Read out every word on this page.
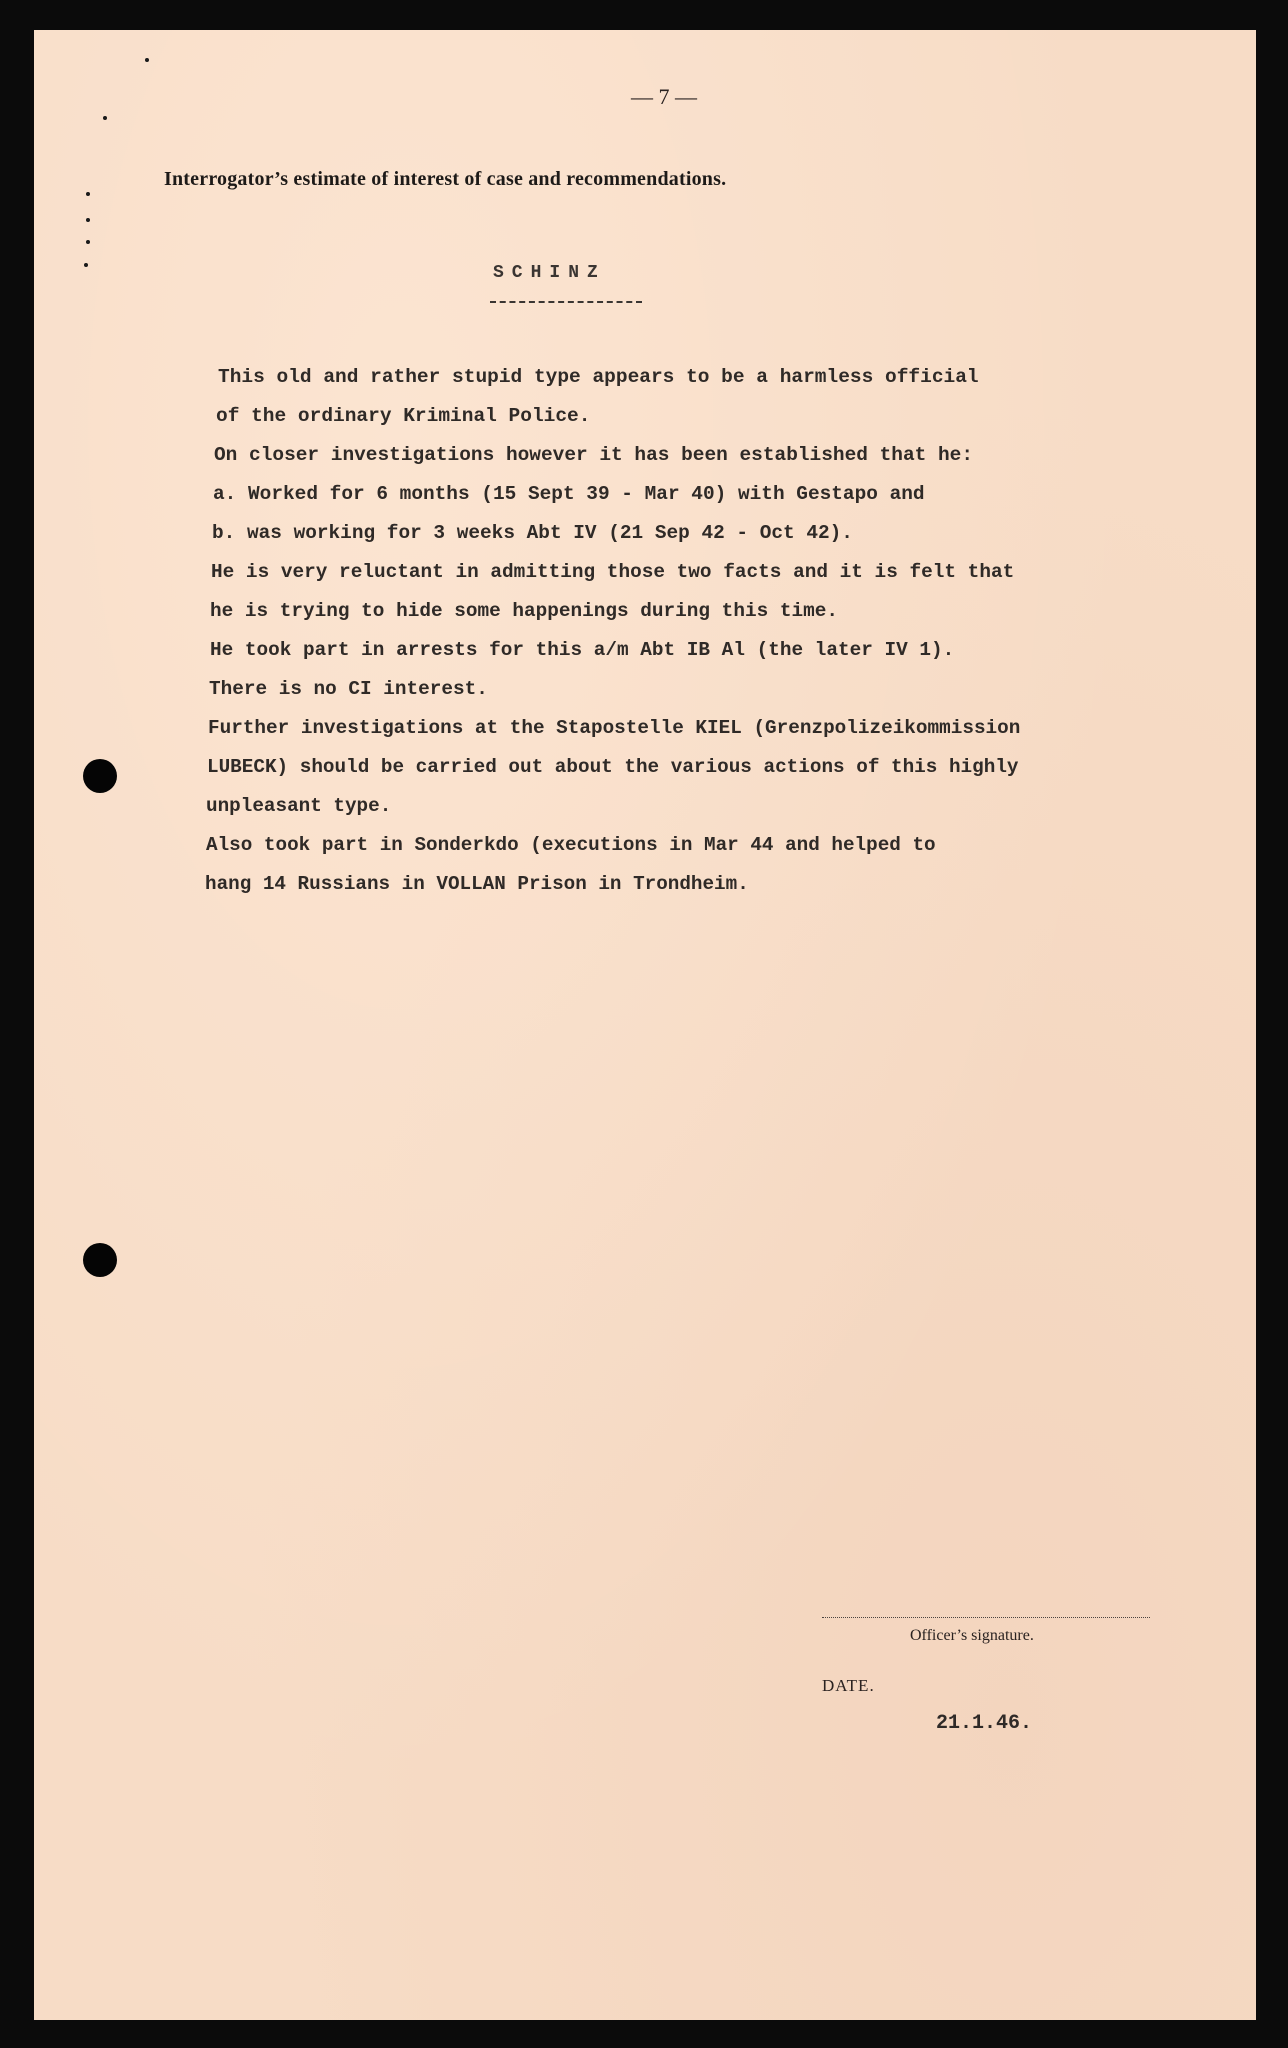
— 7 —
Interrogator’s estimate of interest of case and recommendations.
SCHINZ
This old and rather stupid type appears to be a harmless official
of the ordinary Kriminal Police.
On closer investigations however it has been established that he:
a. Worked for 6 months (15 Sept 39 - Mar 40) with Gestapo and
b. was working for 3 weeks Abt IV (21 Sep 42 - Oct 42).
He is very reluctant in admitting those two facts and it is felt that
he is trying to hide some happenings during this time.
He took part in arrests for this a/m Abt IB Al (the later IV 1).
There is no CI interest.
Further investigations at the Stapostelle KIEL (Grenzpolizeikommission
LUBECK) should be carried out about the various actions of this highly
unpleasant type.
Also took part in Sonderkdo (executions in Mar 44 and helped to
hang 14 Russians in VOLLAN Prison in Trondheim.
Officer’s signature.
DATE.
21.1.46.
